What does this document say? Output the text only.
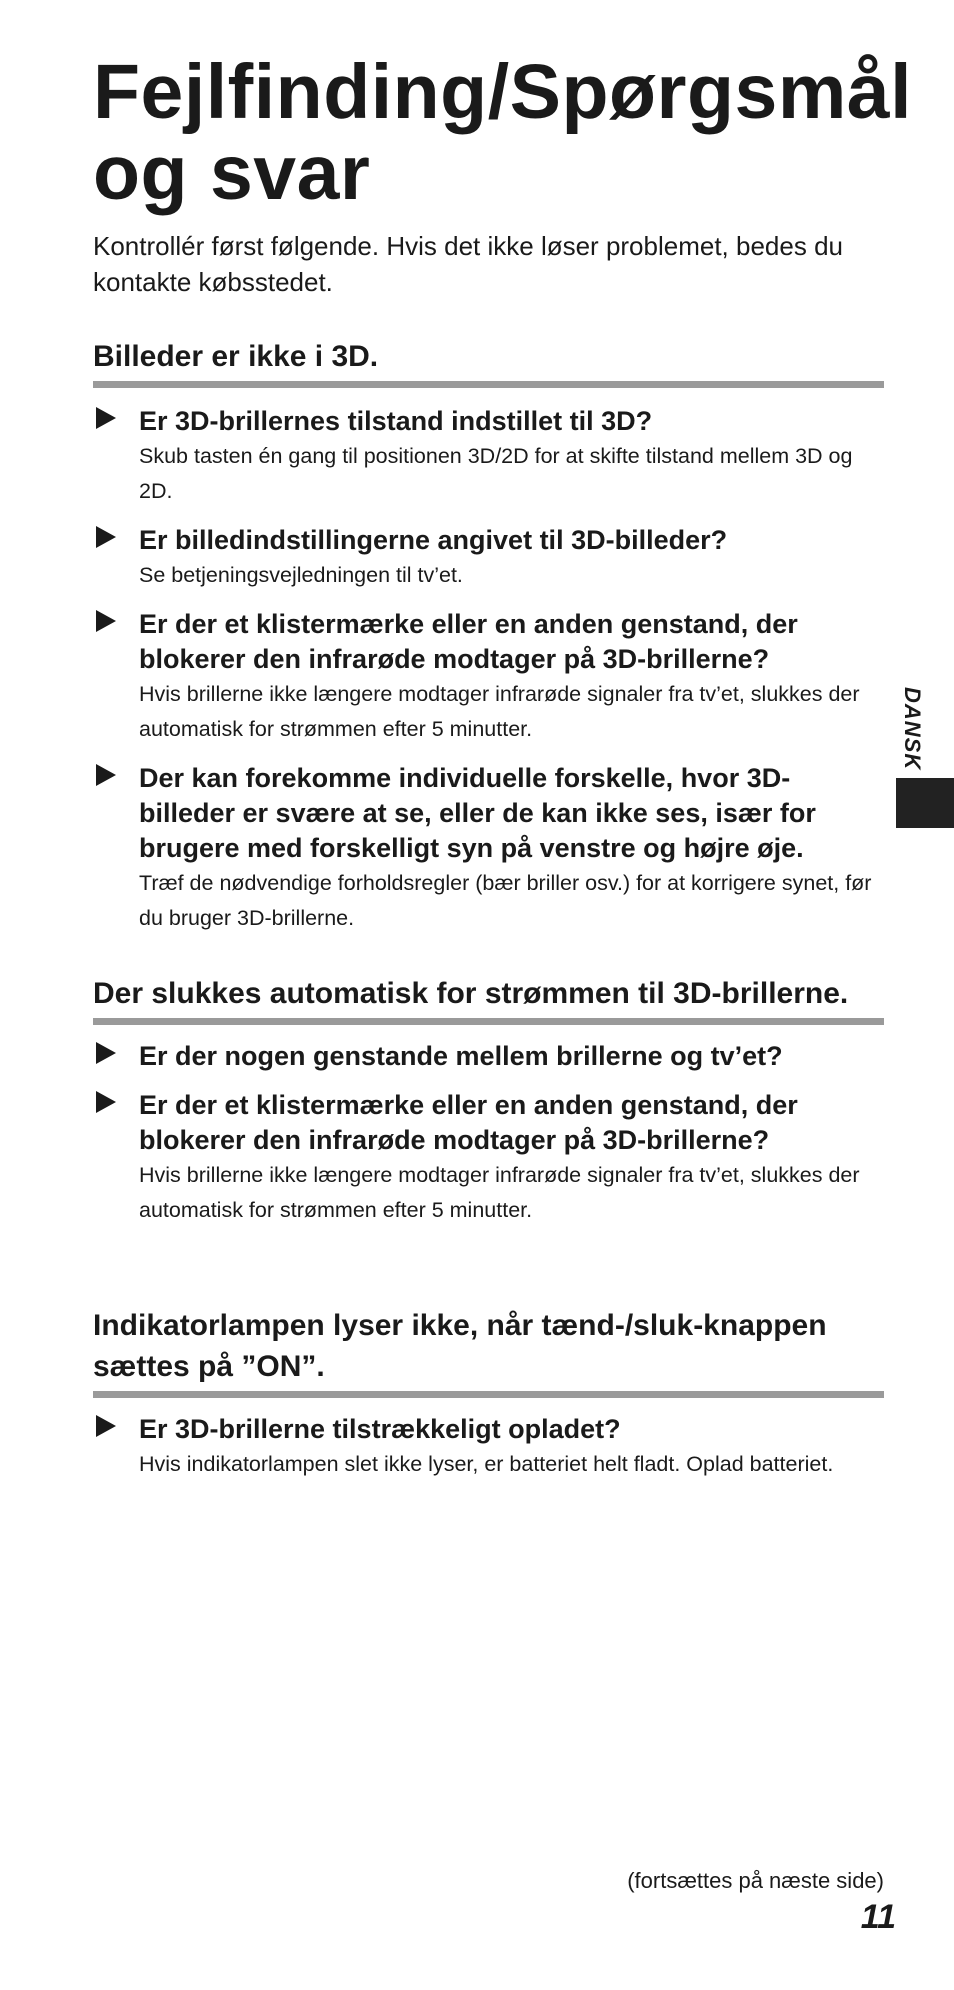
Fejlfinding/Spørgsmål
og svar

Kontrollér først følgende. Hvis det ikke løser problemet, bedes du kontakte købsstedet.

Billeder er ikke i 3D.
Er 3D-brillernes tilstand indstillet til 3D?
Skub tasten én gang til positionen 3D/2D for at skifte tilstand mellem 3D og 2D.
Er billedindstillingerne angivet til 3D-billeder?
Se betjeningsvejledningen til tv’et.
Er der et klistermærke eller en anden genstand, der blokerer den infrarøde modtager på 3D-brillerne?
Hvis brillerne ikke længere modtager infrarøde signaler fra tv’et, slukkes der automatisk for strømmen efter 5 minutter.
Der kan forekomme individuelle forskelle, hvor 3D-billeder er svære at se, eller de kan ikke ses, især for brugere med forskelligt syn på venstre og højre øje.
Træf de nødvendige forholdsregler (bær briller osv.) for at korrigere synet, før du bruger 3D-brillerne.
Der slukkes automatisk for strømmen til 3D-brillerne.
Er der nogen genstande mellem brillerne og tv’et?
Er der et klistermærke eller en anden genstand, der blokerer den infrarøde modtager på 3D-brillerne?
Hvis brillerne ikke længere modtager infrarøde signaler fra tv’et, slukkes der automatisk for strømmen efter 5 minutter.
Indikatorlampen lyser ikke, når tænd-/sluk-knappen sættes på ”ON”.
Er 3D-brillerne tilstrækkeligt opladet?
Hvis indikatorlampen slet ikke lyser, er batteriet helt fladt. Oplad batteriet.
DANSK
(fortsættes på næste side)
11
